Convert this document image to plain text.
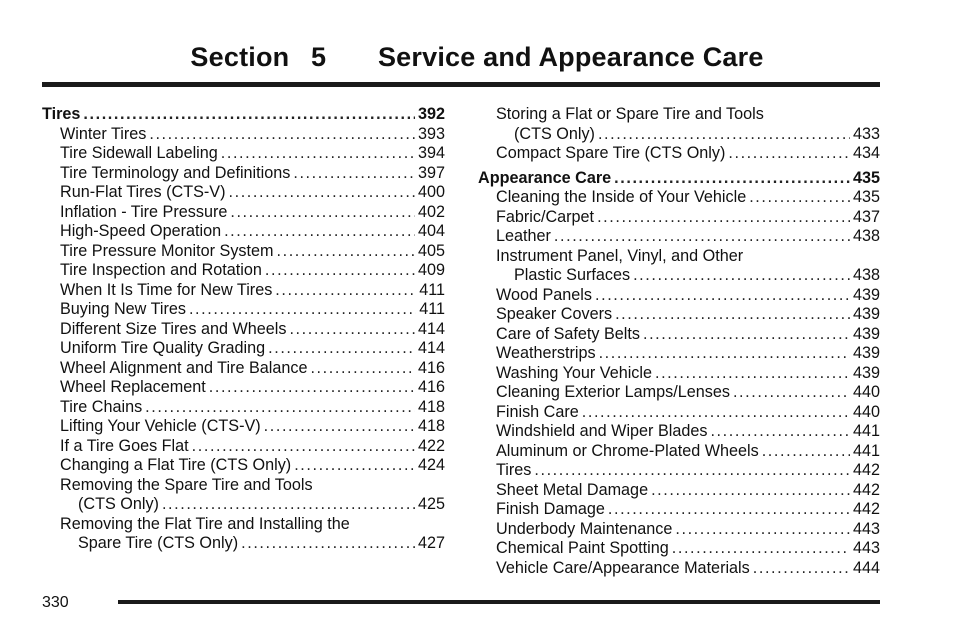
Section 5 Service and Appearance Care
Tires .....	392
Winter Tires .....	393
Tire Sidewall Labeling .....	394
Tire Terminology and Definitions .....	397
Run-Flat Tires (CTS-V) .....	400
Inflation - Tire Pressure .....	402
High-Speed Operation .....	404
Tire Pressure Monitor System .....	405
Tire Inspection and Rotation .....	409
When It Is Time for New Tires .....	411
Buying New Tires .....	411
Different Size Tires and Wheels .....	414
Uniform Tire Quality Grading .....	414
Wheel Alignment and Tire Balance .....	416
Wheel Replacement .....	416
Tire Chains .....	418
Lifting Your Vehicle (CTS-V) .....	418
If a Tire Goes Flat .....	422
Changing a Flat Tire (CTS Only) .....	424
Removing the Spare Tire and Tools
(CTS Only) .....	425
Removing the Flat Tire and Installing the
Spare Tire (CTS Only) .....	427
Storing a Flat or Spare Tire and Tools
(CTS Only) .....	433
Compact Spare Tire (CTS Only) .....	434
Appearance Care .....	435
Cleaning the Inside of Your Vehicle .....	435
Fabric/Carpet .....	437
Leather .....	438
Instrument Panel, Vinyl, and Other
Plastic Surfaces .....	438
Wood Panels .....	439
Speaker Covers .....	439
Care of Safety Belts .....	439
Weatherstrips .....	439
Washing Your Vehicle .....	439
Cleaning Exterior Lamps/Lenses .....	440
Finish Care .....	440
Windshield and Wiper Blades .....	441
Aluminum or Chrome-Plated Wheels .....	441
Tires .....	442
Sheet Metal Damage .....	442
Finish Damage .....	442
Underbody Maintenance .....	443
Chemical Paint Spotting .....	443
Vehicle Care/Appearance Materials .....	444
330
